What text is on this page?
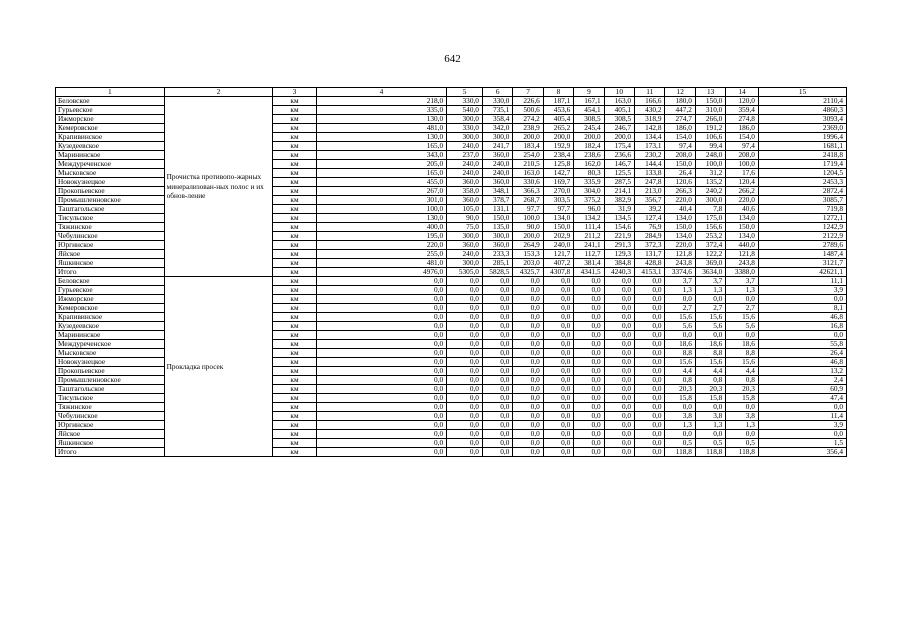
642
1	2	3	4	5	6	7	8	9	10	11	12	13	14	15
Беловское	Прочистка противопо-жарных минерализован-ных полос и их обнов-ление	км	218,0	330,0	330,0	226,6	187,1	167,1	163,0	166,6	180,0	150,0	120,0	2110,4
Гурьевское		км	335,0	540,0	735,1	500,6	453,6	454,1	405,1	430,2	447,2	310,0	359,4	4860,3
Ижморское		км	130,0	300,0	358,4	274,2	405,4	308,5	308,5	318,9	274,7	266,0	274,8	3093,4
Кемеровское		км	481,0	330,0	342,0	238,9	265,2	245,4	246,7	142,8	186,0	191,2	186,0	2369,0
Крапивинское		км	130,0	300,0	300,0	200,0	200,0	200,0	200,0	134,4	154,0	106,6	154,0	1996,4
Кузедеевское		км	165,0	240,0	241,7	183,4	192,9	182,4	175,4	173,1	97,4	99,4	97,4	1681,1
Марининское		км	343,0	237,0	360,0	254,0	238,4	238,6	236,6	230,2	208,0	248,0	208,0	2418,8
Междуреченское		км	205,0	240,0	240,0	210,5	125,8	162,0	146,7	144,4	150,0	100,0	100,0	1719,4
Мысковское		км	165,0	240,0	240,0	163,0	142,7	80,3	125,5	133,8	26,4	31,2	17,6	1204,5
Новокузнецкое		км	455,0	360,0	360,0	330,6	169,7	335,9	287,5	247,8	120,6	135,2	120,4	2453,3
Прокопьевское		км	267,0	358,0	348,1	366,3	270,0	304,0	214,1	213,0	266,3	240,2	266,2	2872,4
Промышленновское		км	301,0	360,0	378,7	268,7	303,5	375,2	382,9	356,7	220,0	300,0	220,0	3085,7
Таштагольское		км	100,0	105,0	131,1	97,7	97,7	96,0	31,9	39,2	40,4	7,8	40,6	719,8
Тисульское		км	130,0	90,0	150,0	100,0	134,0	134,2	134,5	127,4	134,0	175,0	134,0	1272,1
Тяжинское		км	400,0	75,0	135,0	90,0	150,0	111,4	154,6	76,9	150,0	156,6	150,0	1242,9
Чебулинское		км	195,0	300,0	300,0	200,0	202,9	211,2	221,9	284,9	134,0	253,2	134,0	2122,9
Юргинское		км	220,0	360,0	360,0	264,9	240,0	241,1	291,3	372,3	220,0	372,4	440,0	2789,6
Яйское		км	255,0	240,0	233,3	153,3	121,7	112,7	129,3	131,7	121,8	122,2	121,8	1487,4
Яшкинское		км	481,0	300,0	285,1	203,0	407,2	381,4	384,8	428,8	243,8	369,0	243,8	3121,7
Итого		км	4976,0	5305,0	5828,5	4325,7	4307,8	4341,5	4240,3	4153,1	3374,6	3634,0	3388,0	42621,1
Беловское	Прокладка просек	км	0,0	0,0	0,0	0,0	0,0	0,0	0,0	0,0	3,7	3,7	3,7	11,1
Гурьевское		км	0,0	0,0	0,0	0,0	0,0	0,0	0,0	0,0	1,3	1,3	1,3	3,9
Ижморское		км	0,0	0,0	0,0	0,0	0,0	0,0	0,0	0,0	0,0	0,0	0,0	0,0
Кемеровское		км	0,0	0,0	0,0	0,0	0,0	0,0	0,0	0,0	2,7	2,7	2,7	8,1
Крапивинское		км	0,0	0,0	0,0	0,0	0,0	0,0	0,0	0,0	15,6	15,6	15,6	46,8
Кузедеевское		км	0,0	0,0	0,0	0,0	0,0	0,0	0,0	0,0	5,6	5,6	5,6	16,8
Марининское		км	0,0	0,0	0,0	0,0	0,0	0,0	0,0	0,0	0,0	0,0	0,0	0,0
Междуреченское		км	0,0	0,0	0,0	0,0	0,0	0,0	0,0	0,0	18,6	18,6	18,6	55,8
Мысковское		км	0,0	0,0	0,0	0,0	0,0	0,0	0,0	0,0	8,8	8,8	8,8	26,4
Новокузнецкое		км	0,0	0,0	0,0	0,0	0,0	0,0	0,0	0,0	15,6	15,6	15,6	46,8
Прокопьевское		км	0,0	0,0	0,0	0,0	0,0	0,0	0,0	0,0	4,4	4,4	4,4	13,2
Промышленновское		км	0,0	0,0	0,0	0,0	0,0	0,0	0,0	0,0	0,8	0,8	0,8	2,4
Таштагольское		км	0,0	0,0	0,0	0,0	0,0	0,0	0,0	0,0	20,3	20,3	20,3	60,9
Тисульское		км	0,0	0,0	0,0	0,0	0,0	0,0	0,0	0,0	15,8	15,8	15,8	47,4
Тяжинское		км	0,0	0,0	0,0	0,0	0,0	0,0	0,0	0,0	0,0	0,0	0,0	0,0
Чебулинское		км	0,0	0,0	0,0	0,0	0,0	0,0	0,0	0,0	3,8	3,8	3,8	11,4
Юргинское		км	0,0	0,0	0,0	0,0	0,0	0,0	0,0	0,0	1,3	1,3	1,3	3,9
Яйское		км	0,0	0,0	0,0	0,0	0,0	0,0	0,0	0,0	0,0	0,0	0,0	0,0
Яшкинское		км	0,0	0,0	0,0	0,0	0,0	0,0	0,0	0,0	0,5	0,5	0,5	1,5
Итого		км	0,0	0,0	0,0	0,0	0,0	0,0	0,0	0,0	118,8	118,8	118,8	356,4
